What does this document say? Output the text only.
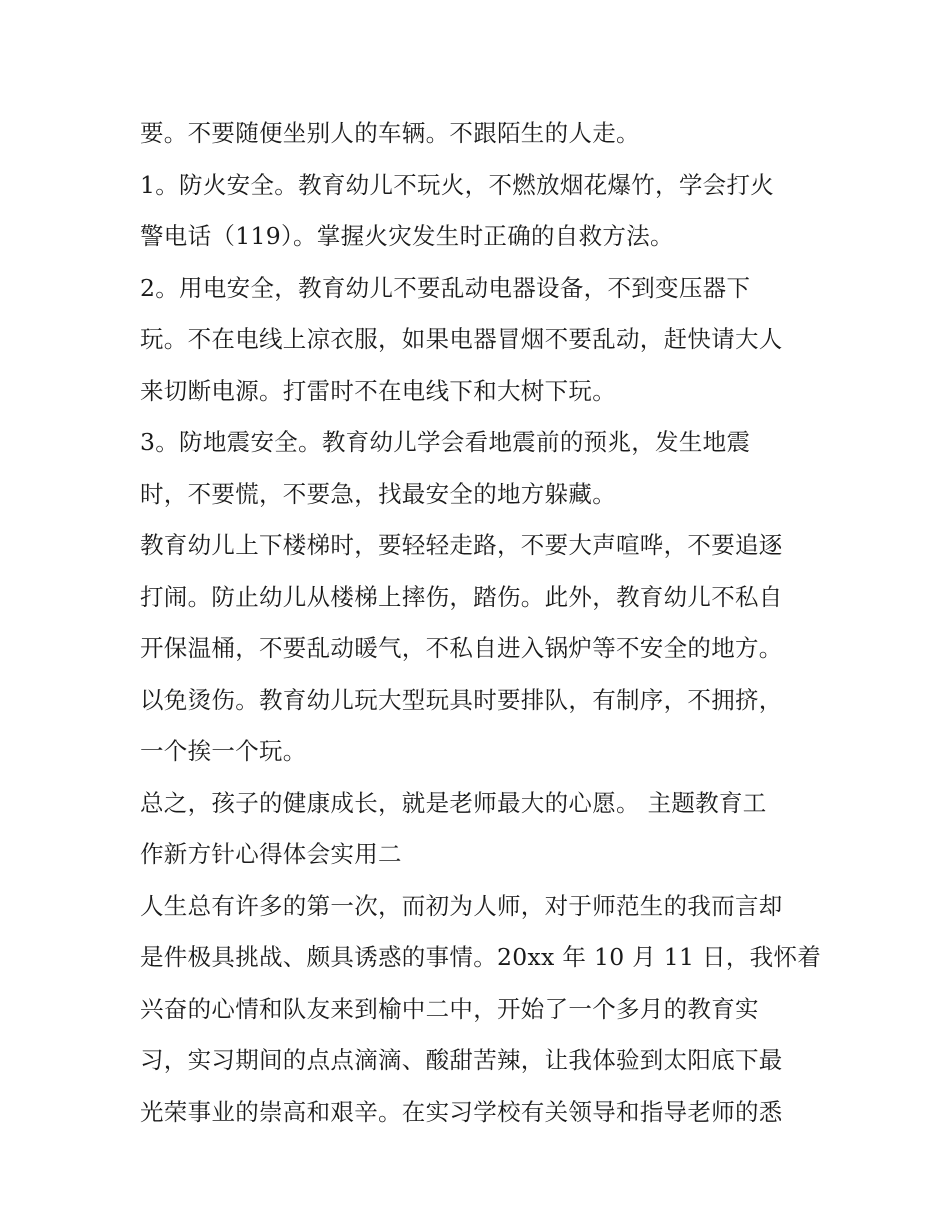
要。不要随便坐别人的车辆。不跟陌生的人走。
1。防火安全。教育幼儿不玩火，不燃放烟花爆竹，学会打火
警电话（119）。掌握火灾发生时正确的自救方法。
2。用电安全，教育幼儿不要乱动电器设备，不到变压器下
玩。不在电线上凉衣服，如果电器冒烟不要乱动，赶快请大人
来切断电源。打雷时不在电线下和大树下玩。
3。防地震安全。教育幼儿学会看地震前的预兆，发生地震
时，不要慌，不要急，找最安全的地方躲藏。
教育幼儿上下楼梯时，要轻轻走路，不要大声喧哗，不要追逐
打闹。防止幼儿从楼梯上摔伤，踏伤。此外，教育幼儿不私自
开保温桶，不要乱动暖气，不私自进入锅炉等不安全的地方。
以免烫伤。教育幼儿玩大型玩具时要排队，有制序，不拥挤，
一个挨一个玩。
总之，孩子的健康成长，就是老师最大的心愿。 主题教育工
作新方针心得体会实用二
人生总有许多的第一次，而初为人师，对于师范生的我而言却
是件极具挑战、颇具诱惑的事情。20xx 年 10 月 11 日，我怀着
兴奋的心情和队友来到榆中二中，开始了一个多月的教育实
习，实习期间的点点滴滴、酸甜苦辣，让我体验到太阳底下最
光荣事业的崇高和艰辛。在实习学校有关领导和指导老师的悉
